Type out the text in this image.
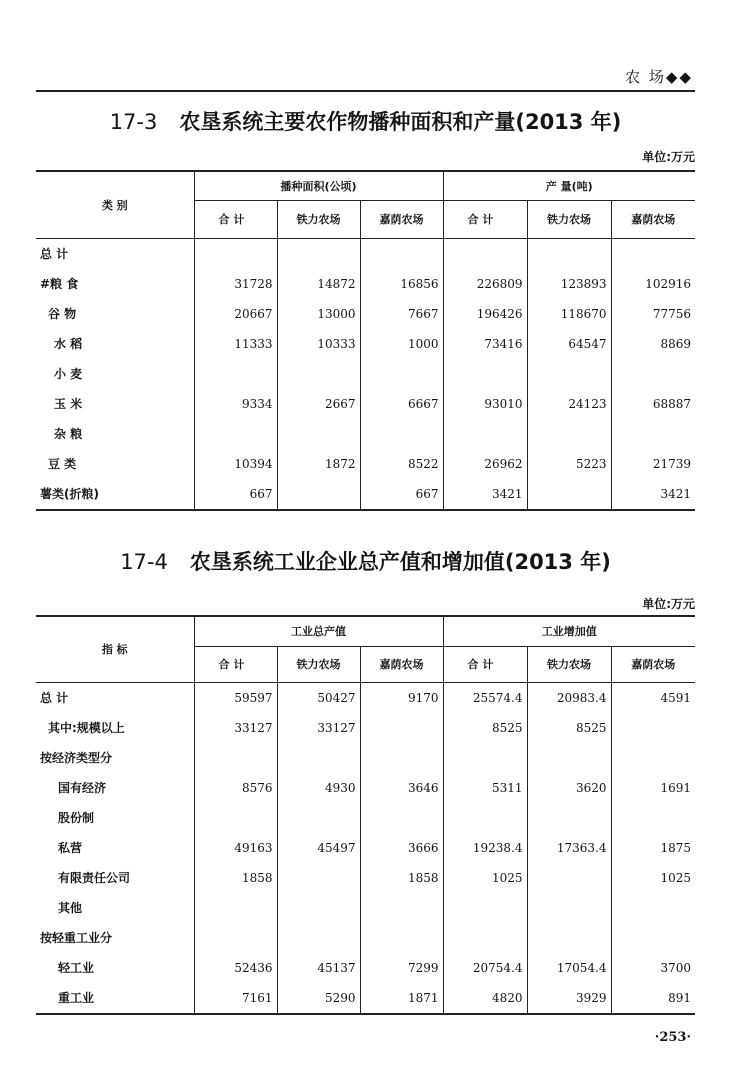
农 场◆◆
17-3 农垦系统主要农作物播种面积和产量(2013 年)
单位:万元
类 别	播种面积(公顷)			产 量(吨)		
	合 计	铁力农场	嘉荫农场	合 计	铁力农场	嘉荫农场
总 计						
#粮 食	31728	14872	16856	226809	123893	102916
谷 物	20667	13000	7667	196426	118670	77756
水 稻	11333	10333	1000	73416	64547	8869
小 麦						
玉 米	9334	2667	6667	93010	24123	68887
杂 粮						
豆 类	10394	1872	8522	26962	5223	21739
薯类(折粮)	667		667	3421		3421
17-4 农垦系统工业企业总产值和增加值(2013 年)
单位:万元
指 标	工业总产值			工业增加值		
	合 计	铁力农场	嘉荫农场	合 计	铁力农场	嘉荫农场
总 计	59597	50427	9170	25574.4	20983.4	4591
其中:规模以上	33127	33127		8525	8525	
按经济类型分						
国有经济	8576	4930	3646	5311	3620	1691
股份制						
私营	49163	45497	3666	19238.4	17363.4	1875
有限责任公司	1858		1858	1025		1025
其他						
按轻重工业分						
轻工业	52436	45137	7299	20754.4	17054.4	3700
重工业	7161	5290	1871	4820	3929	891
·253·
